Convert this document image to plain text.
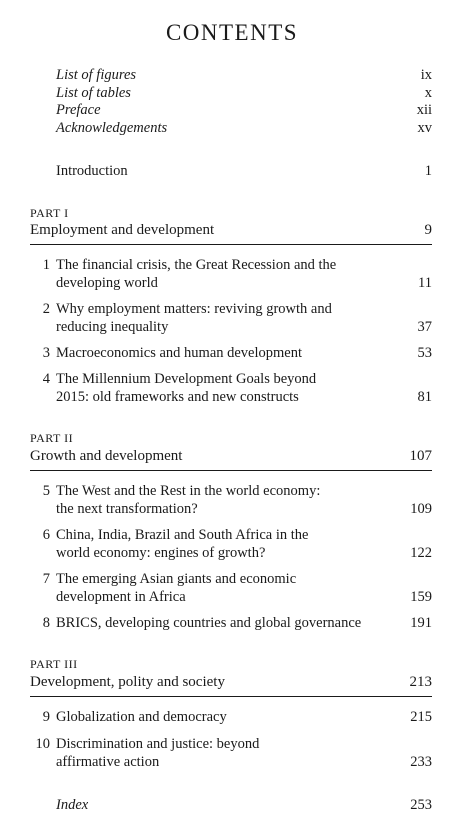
CONTENTS
List of figures	ix
List of tables	x
Preface	xii
Acknowledgements	xv
Introduction	1
PART I
Employment and development	9
1 The financial crisis, the Great Recession and the
developing world	11
2 Why employment matters: reviving growth and
reducing inequality	37
3 Macroeconomics and human development	53
4 The Millennium Development Goals beyond
2015: old frameworks and new constructs	81
PART II
Growth and development	107
5 The West and the Rest in the world economy:
the next transformation?	109
6 China, India, Brazil and South Africa in the
world economy: engines of growth?	122
7 The emerging Asian giants and economic
development in Africa	159
8 BRICS, developing countries and global governance	191
PART III
Development, polity and society	213
9 Globalization and democracy	215
10 Discrimination and justice: beyond
affirmative action	233
Index	253
